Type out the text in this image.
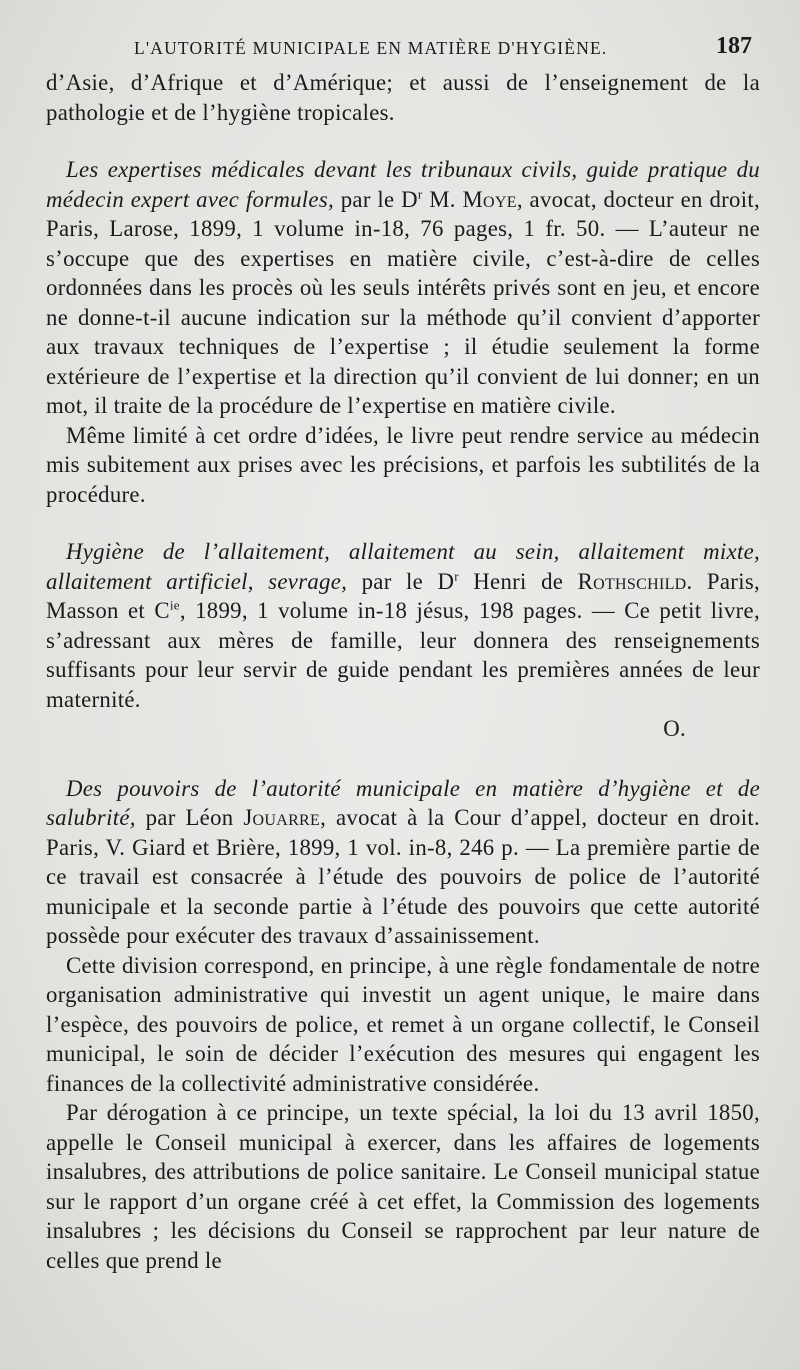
L'AUTORITÉ MUNICIPALE EN MATIÈRE D'HYGIÈNE.	187

d’Asie, d’Afrique et d’Amérique; et aussi de l’enseignement de la pathologie et de l’hygiène tropicales.

Les expertises médicales devant les tribunaux civils, guide pratique du médecin expert avec formules, par le $D^r$ M. Moye, avocat, docteur en droit, Paris, Larose, 1899, 1 volume in-18, 76 pages, 1 fr. 50. — L’auteur ne s’occupe que des expertises en matière civile, c’est-à-dire de celles ordonnées dans les procès où les seuls intérêts privés sont en jeu, et encore ne donne-t-il aucune indication sur la méthode qu’il convient d’apporter aux travaux techniques de l’expertise ; il étudie seulement la forme extérieure de l’expertise et la direction qu’il convient de lui donner; en un mot, il traite de la procédure de l’expertise en matière civile.

Même limité à cet ordre d’idées, le livre peut rendre service au médecin mis subitement aux prises avec les précisions, et parfois les subtilités de la procédure.

Hygiène de l’allaitement, allaitement au sein, allaitement mixte, allaitement artificiel, sevrage, par le $D^r$ Henri de Rothschild. Paris, Masson et $C^{ie}$, 1899, 1 volume in-18 jésus, 198 pages. — Ce petit livre, s’adressant aux mères de famille, leur donnera des renseignements suffisants pour leur servir de guide pendant les premières années de leur maternité.

O.

Des pouvoirs de l’autorité municipale en matière d’hygiène et de salubrité, par Léon Jouarre, avocat à la Cour d’appel, docteur en droit. Paris, V. Giard et Brière, 1899, 1 vol. in-8, 246 p. — La première partie de ce travail est consacrée à l’étude des pouvoirs de police de l’autorité municipale et la seconde partie à l’étude des pouvoirs que cette autorité possède pour exécuter des travaux d’assainissement.

Cette division correspond, en principe, à une règle fondamentale de notre organisation administrative qui investit un agent unique, le maire dans l’espèce, des pouvoirs de police, et remet à un organe collectif, le Conseil municipal, le soin de décider l’exécution des mesures qui engagent les finances de la collectivité administrative considérée.

Par dérogation à ce principe, un texte spécial, la loi du 13 avril 1850, appelle le Conseil municipal à exercer, dans les affaires de logements insalubres, des attributions de police sanitaire. Le Conseil municipal statue sur le rapport d’un organe créé à cet effet, la Commission des logements insalubres ; les décisions du Conseil se rapprochent par leur nature de celles que prend le
